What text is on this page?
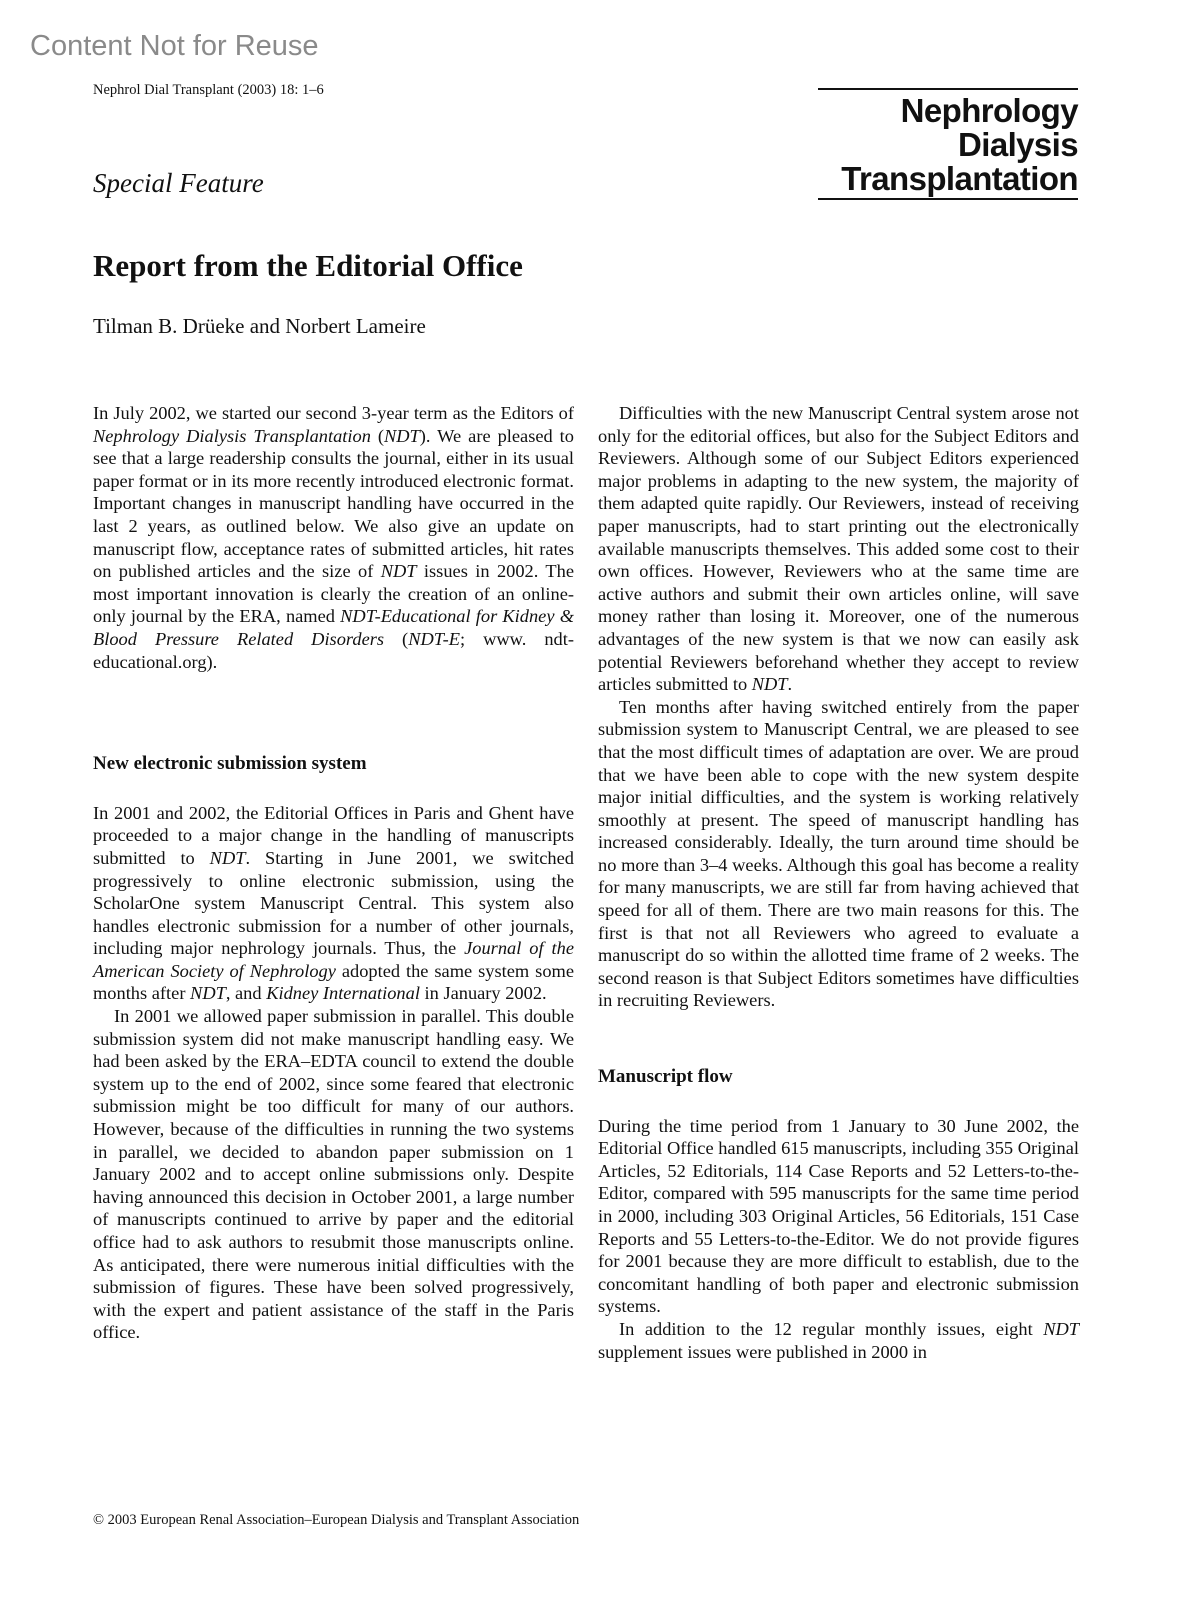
Content Not for Reuse
Nephrol Dial Transplant (2003) 18: 1–6
Nephrology
Dialysis
Transplantation
Special Feature
Report from the Editorial Office
Tilman B. Drüeke and Norbert Lameire

In July 2002, we started our second 3-year term as the Editors of Nephrology Dialysis Transplantation (NDT). We are pleased to see that a large readership consults the journal, either in its usual paper format or in its more recently introduced electronic format. Important changes in manuscript handling have occurred in the last 2 years, as outlined below. We also give an update on manuscript flow, acceptance rates of submitted articles, hit rates on published articles and the size of NDT issues in 2002. The most important innovation is clearly the creation of an online-only journal by the ERA, named NDT-Educational for Kidney & Blood Pressure Related Disorders (NDT-E; www. ndt-educational.org).

New electronic submission system

In 2001 and 2002, the Editorial Offices in Paris and Ghent have proceeded to a major change in the handling of manuscripts submitted to NDT. Starting in June 2001, we switched progressively to online electronic submission, using the ScholarOne system Manuscript Central. This system also handles electronic submission for a number of other journals, including major nephrology journals. Thus, the Journal of the American Society of Nephrology adopted the same system some months after NDT, and Kidney International in January 2002.

In 2001 we allowed paper submission in parallel. This double submission system did not make manuscript handling easy. We had been asked by the ERA–EDTA council to extend the double system up to the end of 2002, since some feared that electronic submission might be too difficult for many of our authors. However, because of the difficulties in running the two systems in parallel, we decided to abandon paper submission on 1 January 2002 and to accept online submissions only. Despite having announced this decision in October 2001, a large number of manuscripts continued to arrive by paper and the editorial office had to ask authors to resubmit those manuscripts online. As anticipated, there were numerous initial difficulties with the submission of figures. These have been solved progressively, with the expert and patient assistance of the staff in the Paris office.

Difficulties with the new Manuscript Central system arose not only for the editorial offices, but also for the Subject Editors and Reviewers. Although some of our Subject Editors experienced major problems in adapting to the new system, the majority of them adapted quite rapidly. Our Reviewers, instead of receiving paper manuscripts, had to start printing out the electronically available manuscripts themselves. This added some cost to their own offices. However, Reviewers who at the same time are active authors and submit their own articles online, will save money rather than losing it. Moreover, one of the numerous advantages of the new system is that we now can easily ask potential Reviewers beforehand whether they accept to review articles submitted to NDT.

Ten months after having switched entirely from the paper submission system to Manuscript Central, we are pleased to see that the most difficult times of adaptation are over. We are proud that we have been able to cope with the new system despite major initial difficulties, and the system is working relatively smoothly at present. The speed of manuscript handling has increased considerably. Ideally, the turn around time should be no more than 3–4 weeks. Although this goal has become a reality for many manuscripts, we are still far from having achieved that speed for all of them. There are two main reasons for this. The first is that not all Reviewers who agreed to evaluate a manuscript do so within the allotted time frame of 2 weeks. The second reason is that Subject Editors sometimes have difficulties in recruiting Reviewers.

Manuscript flow

During the time period from 1 January to 30 June 2002, the Editorial Office handled 615 manuscripts, including 355 Original Articles, 52 Editorials, 114 Case Reports and 52 Letters-to-the-Editor, compared with 595 manuscripts for the same time period in 2000, including 303 Original Articles, 56 Editorials, 151 Case Reports and 55 Letters-to-the-Editor. We do not provide figures for 2001 because they are more difficult to establish, due to the concomitant handling of both paper and electronic submission systems.

In addition to the 12 regular monthly issues, eight NDT supplement issues were published in 2000 in

© 2003 European Renal Association–European Dialysis and Transplant Association
